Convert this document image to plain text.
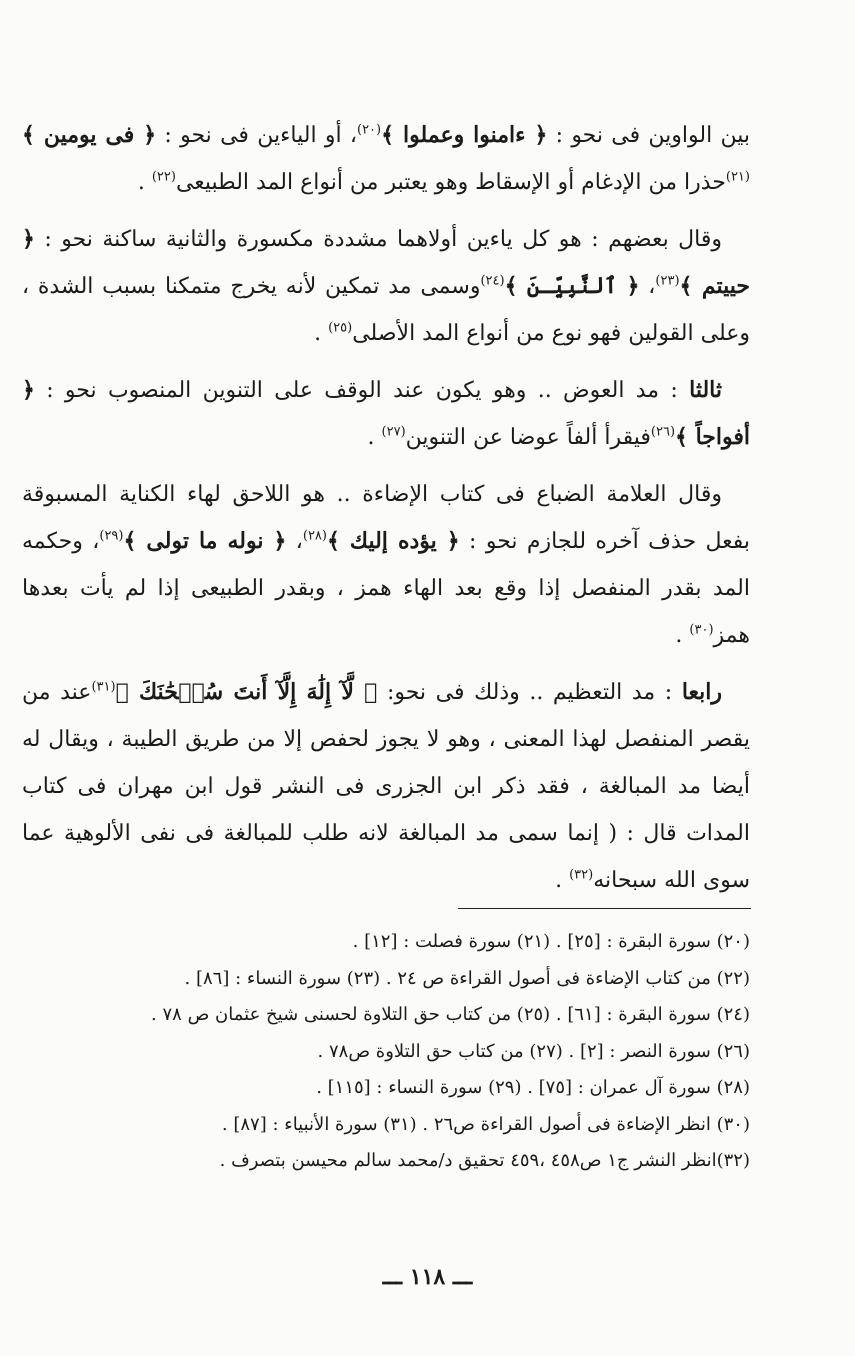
بين الواوين فى نحو : ﴿ ءامنوا وعملوا ﴾$^{(٢٠)}$، أو الياءين فى نحو : ﴿ فى يومين ﴾$^{(٢١)}$حذرا من الإدغام أو الإسقاط وهو يعتبر من أنواع المد الطبيعى$^{(٢٢)}$ .

وقال بعضهم : هو كل ياءين أولاهما مشددة مكسورة والثانية ساكنة نحو : ﴿ حييتم ﴾$^{(٢٣)}$، ﴿ ٱلنَّبِيِّـنَ ﴾$^{(٢٤)}$وسمى مد تمكين لأنه يخرج متمكنا بسبب الشدة ، وعلى القولين فهو نوع من أنواع المد الأصلى$^{(٢٥)}$ .

ثالثا : مد العوض .. وهو يكون عند الوقف على التنوين المنصوب نحو : ﴿ أفواجاً ﴾$^{(٢٦)}$فيقرأ ألفاً عوضا عن التنوين$^{(٢٧)}$ .

وقال العلامة الضباع فى كتاب الإضاءة .. هو اللاحق لهاء الكناية المسبوقة بفعل حذف آخره للجازم نحو : ﴿ يؤده إليك ﴾$^{(٢٨)}$، ﴿ نوله ما تولى ﴾$^{(٢٩)}$، وحكمه المد بقدر المنفصل إذا وقع بعد الهاء همز ، وبقدر الطبيعى إذا لم يأت بعدها همز$^{(٣٠)}$ .

رابعا : مد التعظيم .. وذلك فى نحو: ﴿ لَّآ إِلَٰهَ إِلَّآ أَنتَ سُبۡحَٰنَكَ ﴾$^{(٣١)}$عند من يقصر المنفصل لهذا المعنى ، وهو لا يجوز لحفص إلا من طريق الطيبة ، ويقال له أيضا مد المبالغة ، فقد ذكر ابن الجزرى فى النشر قول ابن مهران فى كتاب المدات قال : ( إنما سمى مد المبالغة لانه طلب للمبالغة فى نفى الألوهية عما سوى الله سبحانه$^{(٣٢)}$ .

(٢٠) سورة البقرة : [٢٥] . (٢١) سورة فصلت : [١٢] .

(٢٢) من كتاب الإضاءة فى أصول القراءة ص ٢٤ . (٢٣) سورة النساء : [٨٦] .

(٢٤) سورة البقرة : [٦١] . (٢٥) من كتاب حق التلاوة لحسنى شيخ عثمان ص ٧٨ .

(٢٦) سورة النصر : [٢] . (٢٧) من كتاب حق التلاوة ص٧٨ .

(٢٨) سورة آل عمران : [٧٥] . (٢٩) سورة النساء : [١١٥] .

(٣٠) انظر الإضاءة فى أصول القراءة ص٢٦ . (٣١) سورة الأنبياء : [٨٧] .

(٣٢)انظر النشر ج١ ص٤٥٨ ،٤٥٩ تحقيق د/محمد سالم محيسن بتصرف .

ـــ ١١٨ ـــ
